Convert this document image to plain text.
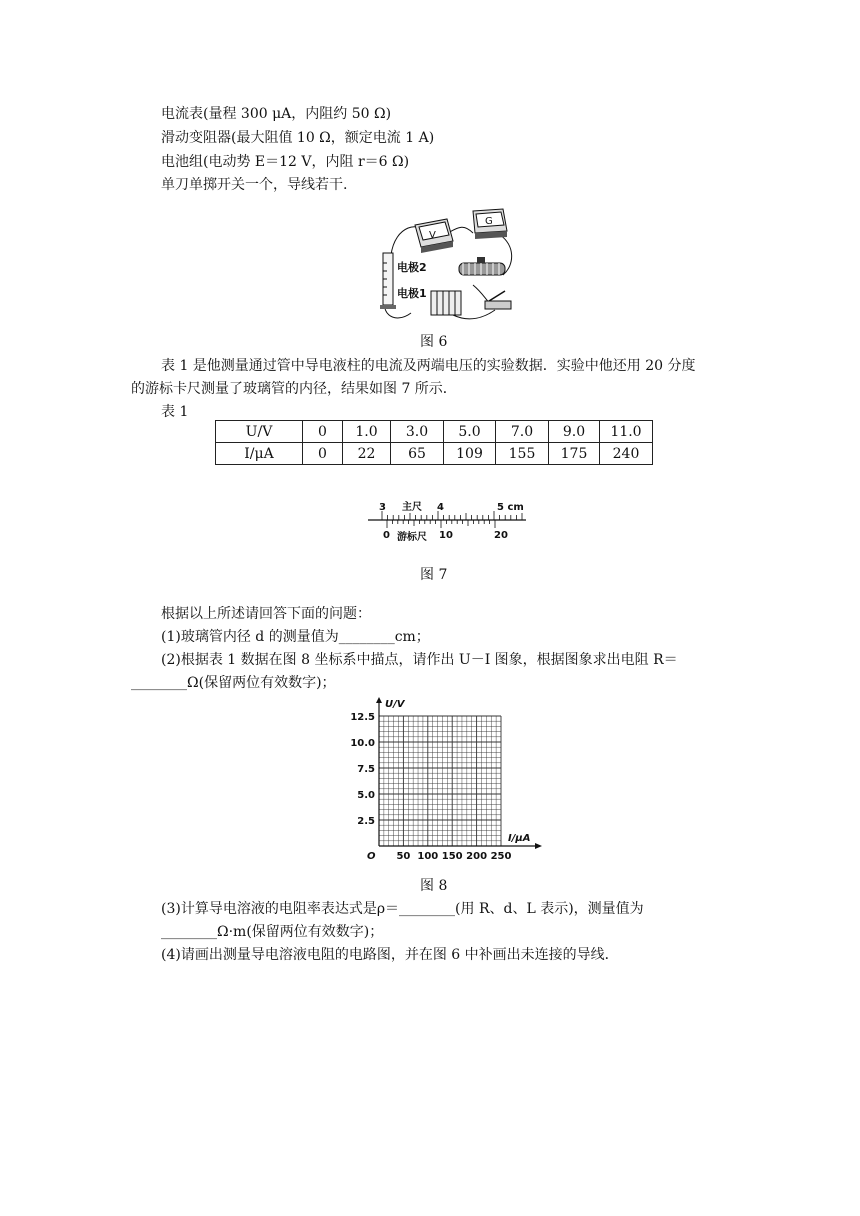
电流表(量程 300 μA，内阻约 50 Ω)
滑动变阻器(最大阻值 10 Ω，额定电流 1 A)
电池组(电动势 E＝12 V，内阻 r＝6 Ω)
单刀单掷开关一个，导线若干.
V
G
电极2
电极1
图 6
表 1 是他测量通过管中导电液柱的电流及两端电压的实验数据．实验中他还用 20 分度
的游标卡尺测量了玻璃管的内径，结果如图 7 所示．
表 1
U/V	0	1.0	3.0	5.0	7.0	9.0	11.0
I/μA	0	22	65	109	155	175	240
3 主尺 4	5 cm
0 游标尺 10	20
图 7
根据以上所述请回答下面的问题：
(1)玻璃管内径 d 的测量值为________cm；
(2)根据表 1 数据在图 8 坐标系中描点，请作出 U－I 图象，根据图象求出电阻 R＝
________Ω(保留两位有效数字)；
U/V
I/μA
O 50 100 150 200 250
2.5
5.0
7.5
10.0
12.5
图 8
(3)计算导电溶液的电阻率表达式是ρ＝________(用 R、d、L 表示)，测量值为
________Ω·m(保留两位有效数字)；
(4)请画出测量导电溶液电阻的电路图，并在图 6 中补画出未连接的导线．
